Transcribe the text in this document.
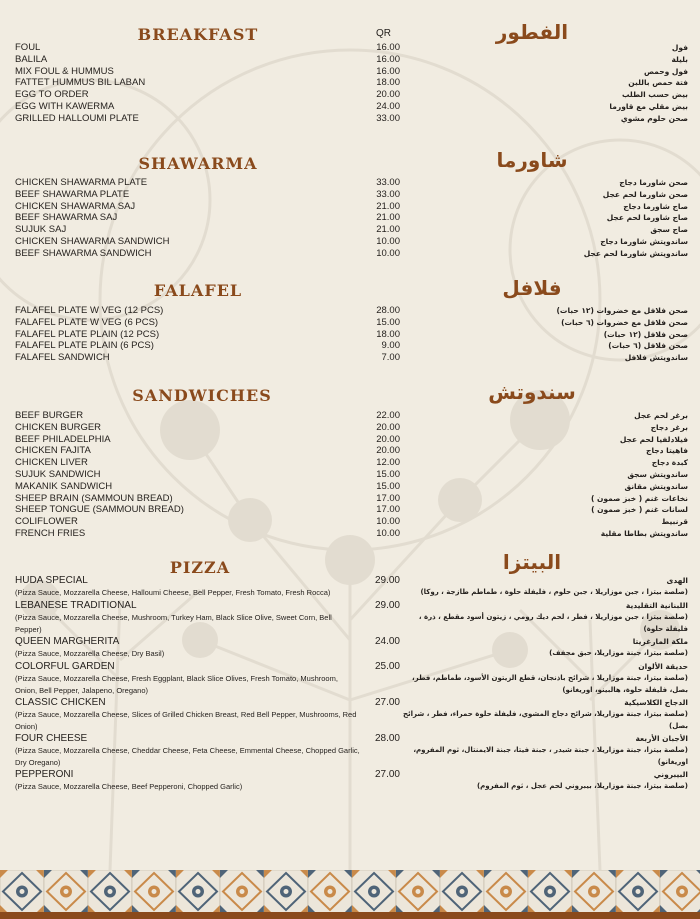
QR
BREAKFAST	الفطور
FOUL	16.00
BALILA	16.00
MIX FOUL & HUMMUS	16.00
FATTET HUMMUS BIL LABAN	18.00
EGG TO ORDER	20.00
EGG WITH KAWERMA	24.00
GRILLED HALLOUMI PLATE	33.00
فول
بليلة
فول وحمص
فتة حمص باللبن
بيض حسب الطلب
بيض مقلي مع قاورما
صحن حلوم مشوي
SHAWARMA	شاورما
CHICKEN SHAWARMA PLATE	33.00
BEEF SHAWARMA PLATE	33.00
CHICKEN SHAWARMA SAJ	21.00
BEEF SHAWARMA SAJ	21.00
SUJUK SAJ	21.00
CHICKEN SHAWARMA SANDWICH	10.00
BEEF SHAWARMA SANDWICH	10.00
صحن شاورما دجاج
صحن شاورما لحم عجل
صاج شاورما دجاج
صاج شاورما لحم عجل
صاج سجق
ساندويتش شاورما دجاج
ساندويتش شاورما لحم عجل
FALAFEL	فلافل
FALAFEL PLATE W VEG (12 PCS)	28.00
FALAFEL PLATE W VEG (6 PCS)	15.00
FALAFEL PLATE PLAIN (12 PCS)	18.00
FALAFEL PLATE PLAIN (6 PCS)	9.00
FALAFEL SANDWICH	7.00
صحن فلافل مع خضروات (١٢ حبات)
صحن فلافل مع خضروات (٦ حبات)
صحن فلافل (١٢ حبات)
صحن فلافل (٦ حبات)
ساندويتش فلافل
SANDWICHES	سندوتش
BEEF BURGER	22.00
CHICKEN BURGER	20.00
BEEF PHILADELPHIA	20.00
CHICKEN FAJITA	20.00
CHICKEN LIVER	12.00
SUJUK SANDWICH	15.00
MAKANIK SANDWICH	15.00
SHEEP BRAIN (SAMMOUN BREAD)	17.00
SHEEP TONGUE (SAMMOUN BREAD)	17.00
COLIFLOWER	10.00
FRENCH FRIES	10.00
برغر لحم عجل
برغر دجاج
فيلادلفيا لحم عجل
فاهيتا دجاج
كبدة دجاج
ساندويتش سجق
ساندويتش مقانق
نخاعات غنم ( خبز صمون )
لسانات غنم ( خبز صمون )
قرنبيط
ساندويتش بطاطا مقلية
PIZZA	البيتزا
HUDA SPECIAL	29.00
(Pizza Sauce, Mozzarella Cheese, Halloumi Cheese, Bell Pepper, Fresh Tomato, Fresh Rocca)
LEBANESE TRADITIONAL	29.00
(Pizza Sauce, Mozzarella Cheese, Mushroom, Turkey Ham, Black Slice Olive, Sweet Corn, Bell Pepper)
QUEEN MARGHERITA	24.00
(Pizza Sauce, Mozzarella Cheese, Dry Basil)
COLORFUL GARDEN	25.00
(Pizza Sauce, Mozzarella Cheese, Fresh Eggplant, Black Slice Olives, Fresh Tomato, Mushroom, Onion, Bell Pepper, Jalapeno, Oregano)
CLASSIC CHICKEN	27.00
(Pizza Sauce, Mozzarella Cheese, Slices of Grilled Chicken Breast, Red Bell Pepper, Mushrooms, Red Onion)
FOUR CHEESE	28.00
(Pizza Sauce, Mozzarella Cheese, Cheddar Cheese, Feta Cheese, Emmental Cheese, Chopped Garlic, Dry Oregano)
PEPPERONI	27.00
(Pizza Sauce, Mozzarella Cheese, Beef Pepperoni, Chopped Garlic)
الهدى
(صلصة بيتزا ، جبن موزاريلا ، جبن حلوم ، فليفلة حلوة ، طماطم طازجة ، روكا)
اللبنانية التقليدية
(صلصة بيتزا ، جبن موزاريلا ، فطر ، لحم ديك رومي ، زيتون أسود مقطع ، ذرة ، فليفلة حلوة)
ملكة المارغريتا
(صلصة بيتزا، جبنة موزاريلا، حبق مجفف)
حديقة الألوان
(صلصة بيتزا، جبنة موزاريلا ، شرائح باذنجان، قطع الزيتون الأسود، طماطم، فطر، بصل، فليفلة حلوة، هالبينو، اوريغانو)
الدجاج الكلاسيكية
(صلصة بيتزا، جبنة موزاريلا، شرائح دجاج المشوي، فليفلة حلوة حمراء، فطر ، شرائح بصل)
الأجبان الأربعة
(صلصة بيتزا، جبنة موزاريلا ، جبنة شيدر ، جبنة فيتا، جبنة الايمنتال، ثوم المفروم، اوريغانو)
البيبروني
(صلصة بيتزا، جبنة موزاريلا، بيبروني لحم عجل ، ثوم المفروم)
